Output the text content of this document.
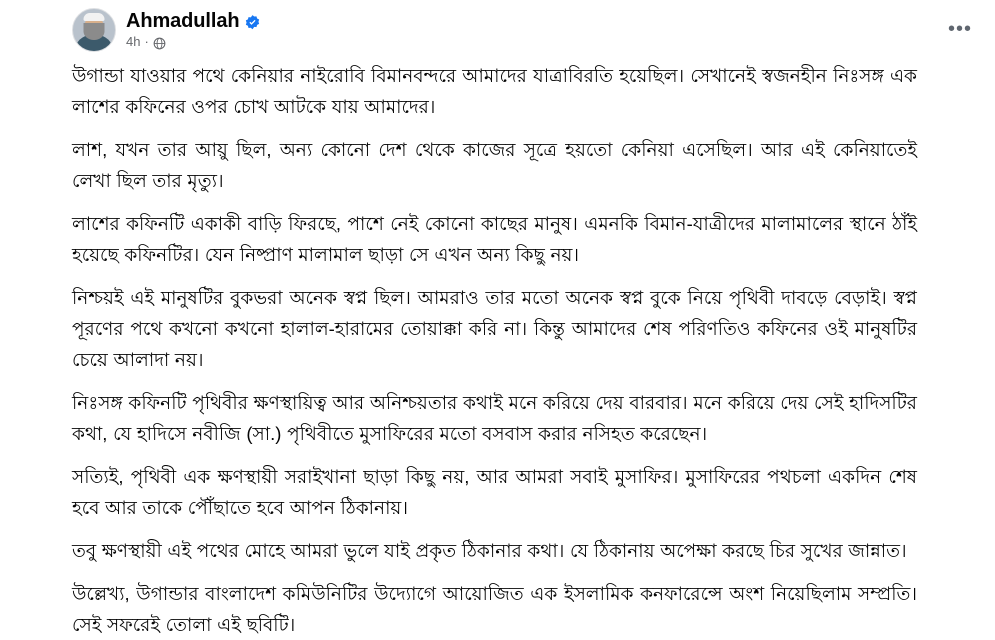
Ahmadullah
4h ·
•••

উগান্ডা যাওয়ার পথে কেনিয়ার নাইরোবি বিমানবন্দরে আমাদের যাত্রাবিরতি হয়েছিল। সেখানেই স্বজনহীন নিঃসঙ্গ এক লাশের কফিনের ওপর চোখ আটকে যায় আমাদের।

লাশ, যখন তার আয়ু ছিল, অন্য কোনো দেশ থেকে কাজের সূত্রে হয়তো কেনিয়া এসেছিল। আর এই কেনিয়াতেই লেখা ছিল তার মৃত্যু।

লাশের কফিনটি একাকী বাড়ি ফিরছে, পাশে নেই কোনো কাছের মানুষ। এমনকি বিমান-যাত্রীদের মালামালের স্থানে ঠাঁই হয়েছে কফিনটির। যেন নিষ্প্রাণ মালামাল ছাড়া সে এখন অন্য কিছু নয়।

নিশ্চয়ই এই মানুষটির বুকভরা অনেক স্বপ্ন ছিল। আমরাও তার মতো অনেক স্বপ্ন বুকে নিয়ে পৃথিবী দাবড়ে বেড়াই। স্বপ্ন পূরণের পথে কখনো কখনো হালাল-হারামের তোয়াক্কা করি না। কিন্তু আমাদের শেষ পরিণতিও কফিনের ওই মানুষটির চেয়ে আলাদা নয়।

নিঃসঙ্গ কফিনটি পৃথিবীর ক্ষণস্থায়িত্ব আর অনিশ্চয়তার কথাই মনে করিয়ে দেয় বারবার। মনে করিয়ে দেয় সেই হাদিসটির কথা, যে হাদিসে নবীজি (সা.) পৃথিবীতে মুসাফিরের মতো বসবাস করার নসিহত করেছেন।

সত্যিই, পৃথিবী এক ক্ষণস্থায়ী সরাইখানা ছাড়া কিছু নয়, আর আমরা সবাই মুসাফির। মুসাফিরের পথচলা একদিন শেষ হবে আর তাকে পৌঁছাতে হবে আপন ঠিকানায়।

তবু ক্ষণস্থায়ী এই পথের মোহে আমরা ভুলে যাই প্রকৃত ঠিকানার কথা। যে ঠিকানায় অপেক্ষা করছে চির সুখের জান্নাত।

উল্লেখ্য, উগান্ডার বাংলাদেশ কমিউনিটির উদ্যোগে আয়োজিত এক ইসলামিক কনফারেন্সে অংশ নিয়েছিলাম সম্প্রতি। সেই সফরেই তোলা এই ছবিটি।
